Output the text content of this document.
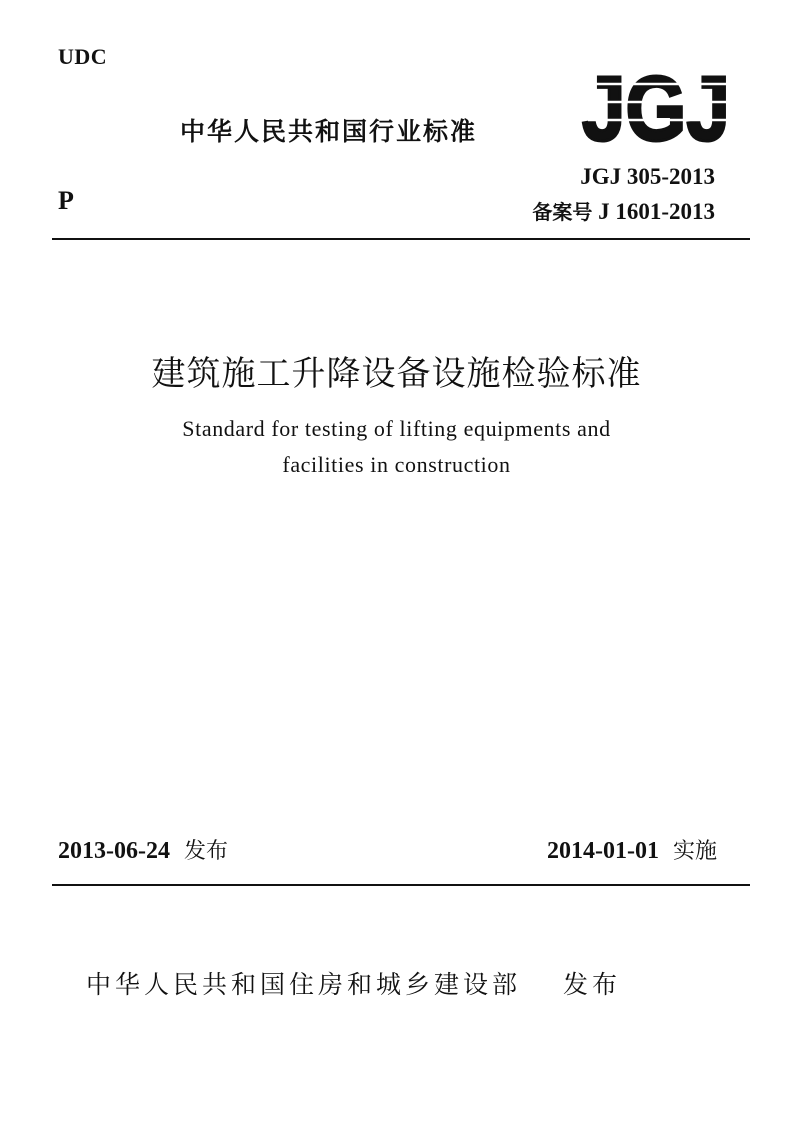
UDC
中华人民共和国行业标准 JGJ
JGJ 305-2013
P	备案号 J 1601-2013
建筑施工升降设备设施检验标准
Standard for testing of lifting equipments and
facilities in construction
2013-06-24 发布	2014-01-01 实施
中华人民共和国住房和城乡建设部 发布
